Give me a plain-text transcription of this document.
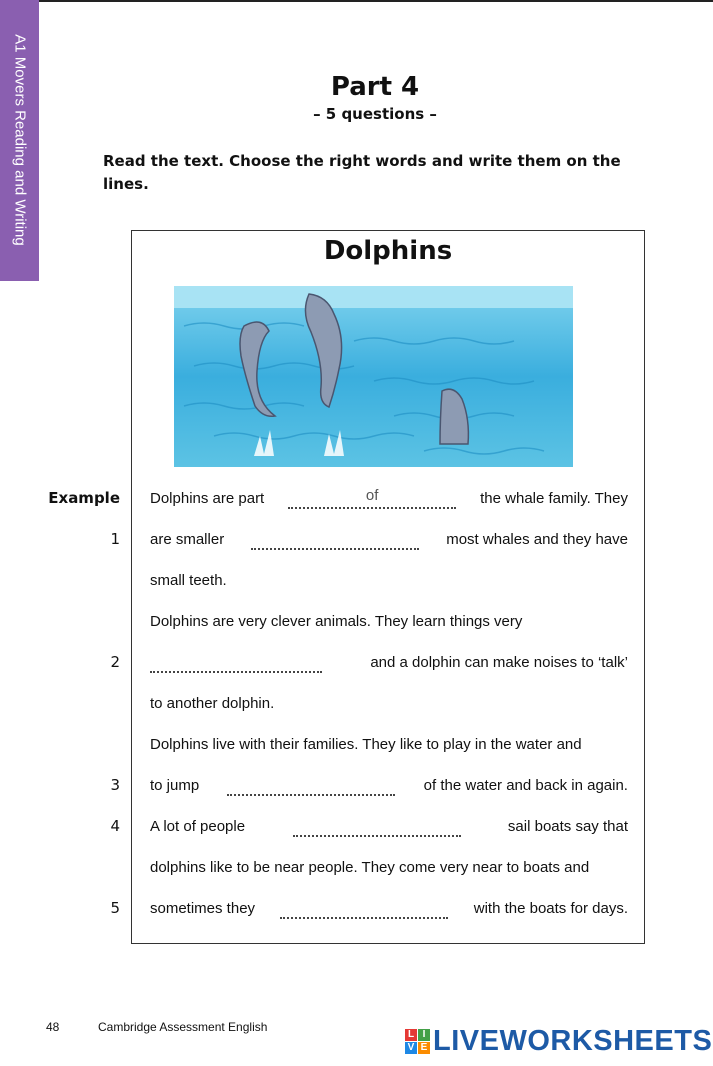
A1 Movers Reading and Writing	Part 4
– 5 questions –
Read the text. Choose the right words and write them on the lines.
Dolphins
Example
1
2
3
4
5
Dolphins are part	of	the whale family. They
are smaller	most whales and they have
small teeth.
Dolphins are very clever animals. They learn things very
and a dolphin can make noises to ‘talk’
to another dolphin.
Dolphins live with their families. They like to play in the water and
to jump	of the water and back in again.
A lot of people	sail boats say that
dolphins like to be near people. They come very near to boats and
sometimes they	with the boats for days.
48	Cambridge Assessment English	L I
V E LIVEWORKSHEETS
